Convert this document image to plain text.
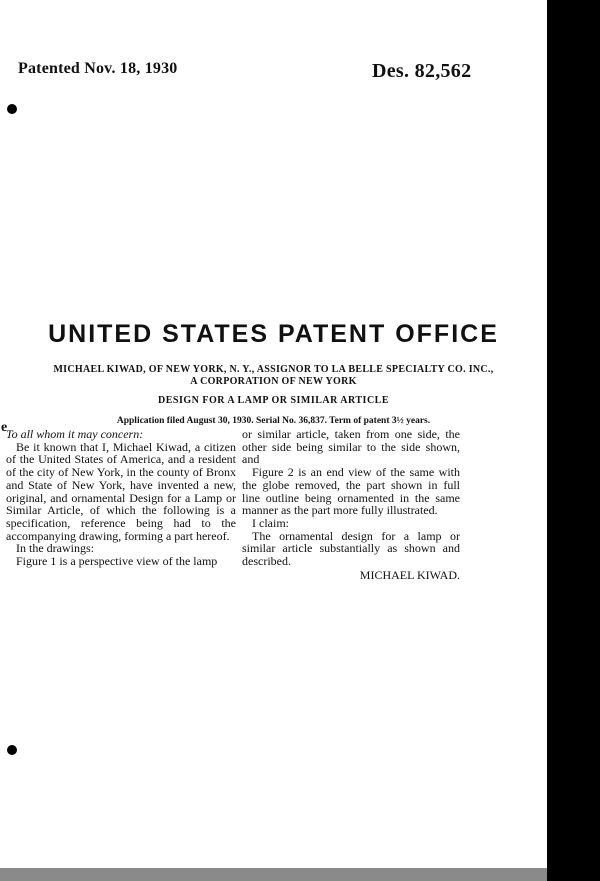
Patented Nov. 18, 1930	Des. 82,562
UNITED STATES PATENT OFFICE
MICHAEL KIWAD, OF NEW YORK, N. Y., ASSIGNOR TO LA BELLE SPECIALTY CO. INC.,
A CORPORATION OF NEW YORK
DESIGN FOR A LAMP OR SIMILAR ARTICLE
Application filed August 30, 1930. Serial No. 36,837. Term of patent 3½ years.
e

To all whom it may concern:

Be it known that I, Michael Kiwad, a citizen of the United States of America, and a resident of the city of New York, in the county of Bronx and State of New York, have invented a new, original, and ornamental Design for a Lamp or Similar Article, of which the following is a specification, reference being had to the accompanying drawing, forming a part hereof.

In the drawings:

Figure 1 is a perspective view of the lamp

or similar article, taken from one side, the other side being similar to the side shown, and

Figure 2 is an end view of the same with the globe removed, the part shown in full line outline being ornamented in the same manner as the part more fully illustrated.

I claim:

The ornamental design for a lamp or similar article substantially as shown and described.

MICHAEL KIWAD.
